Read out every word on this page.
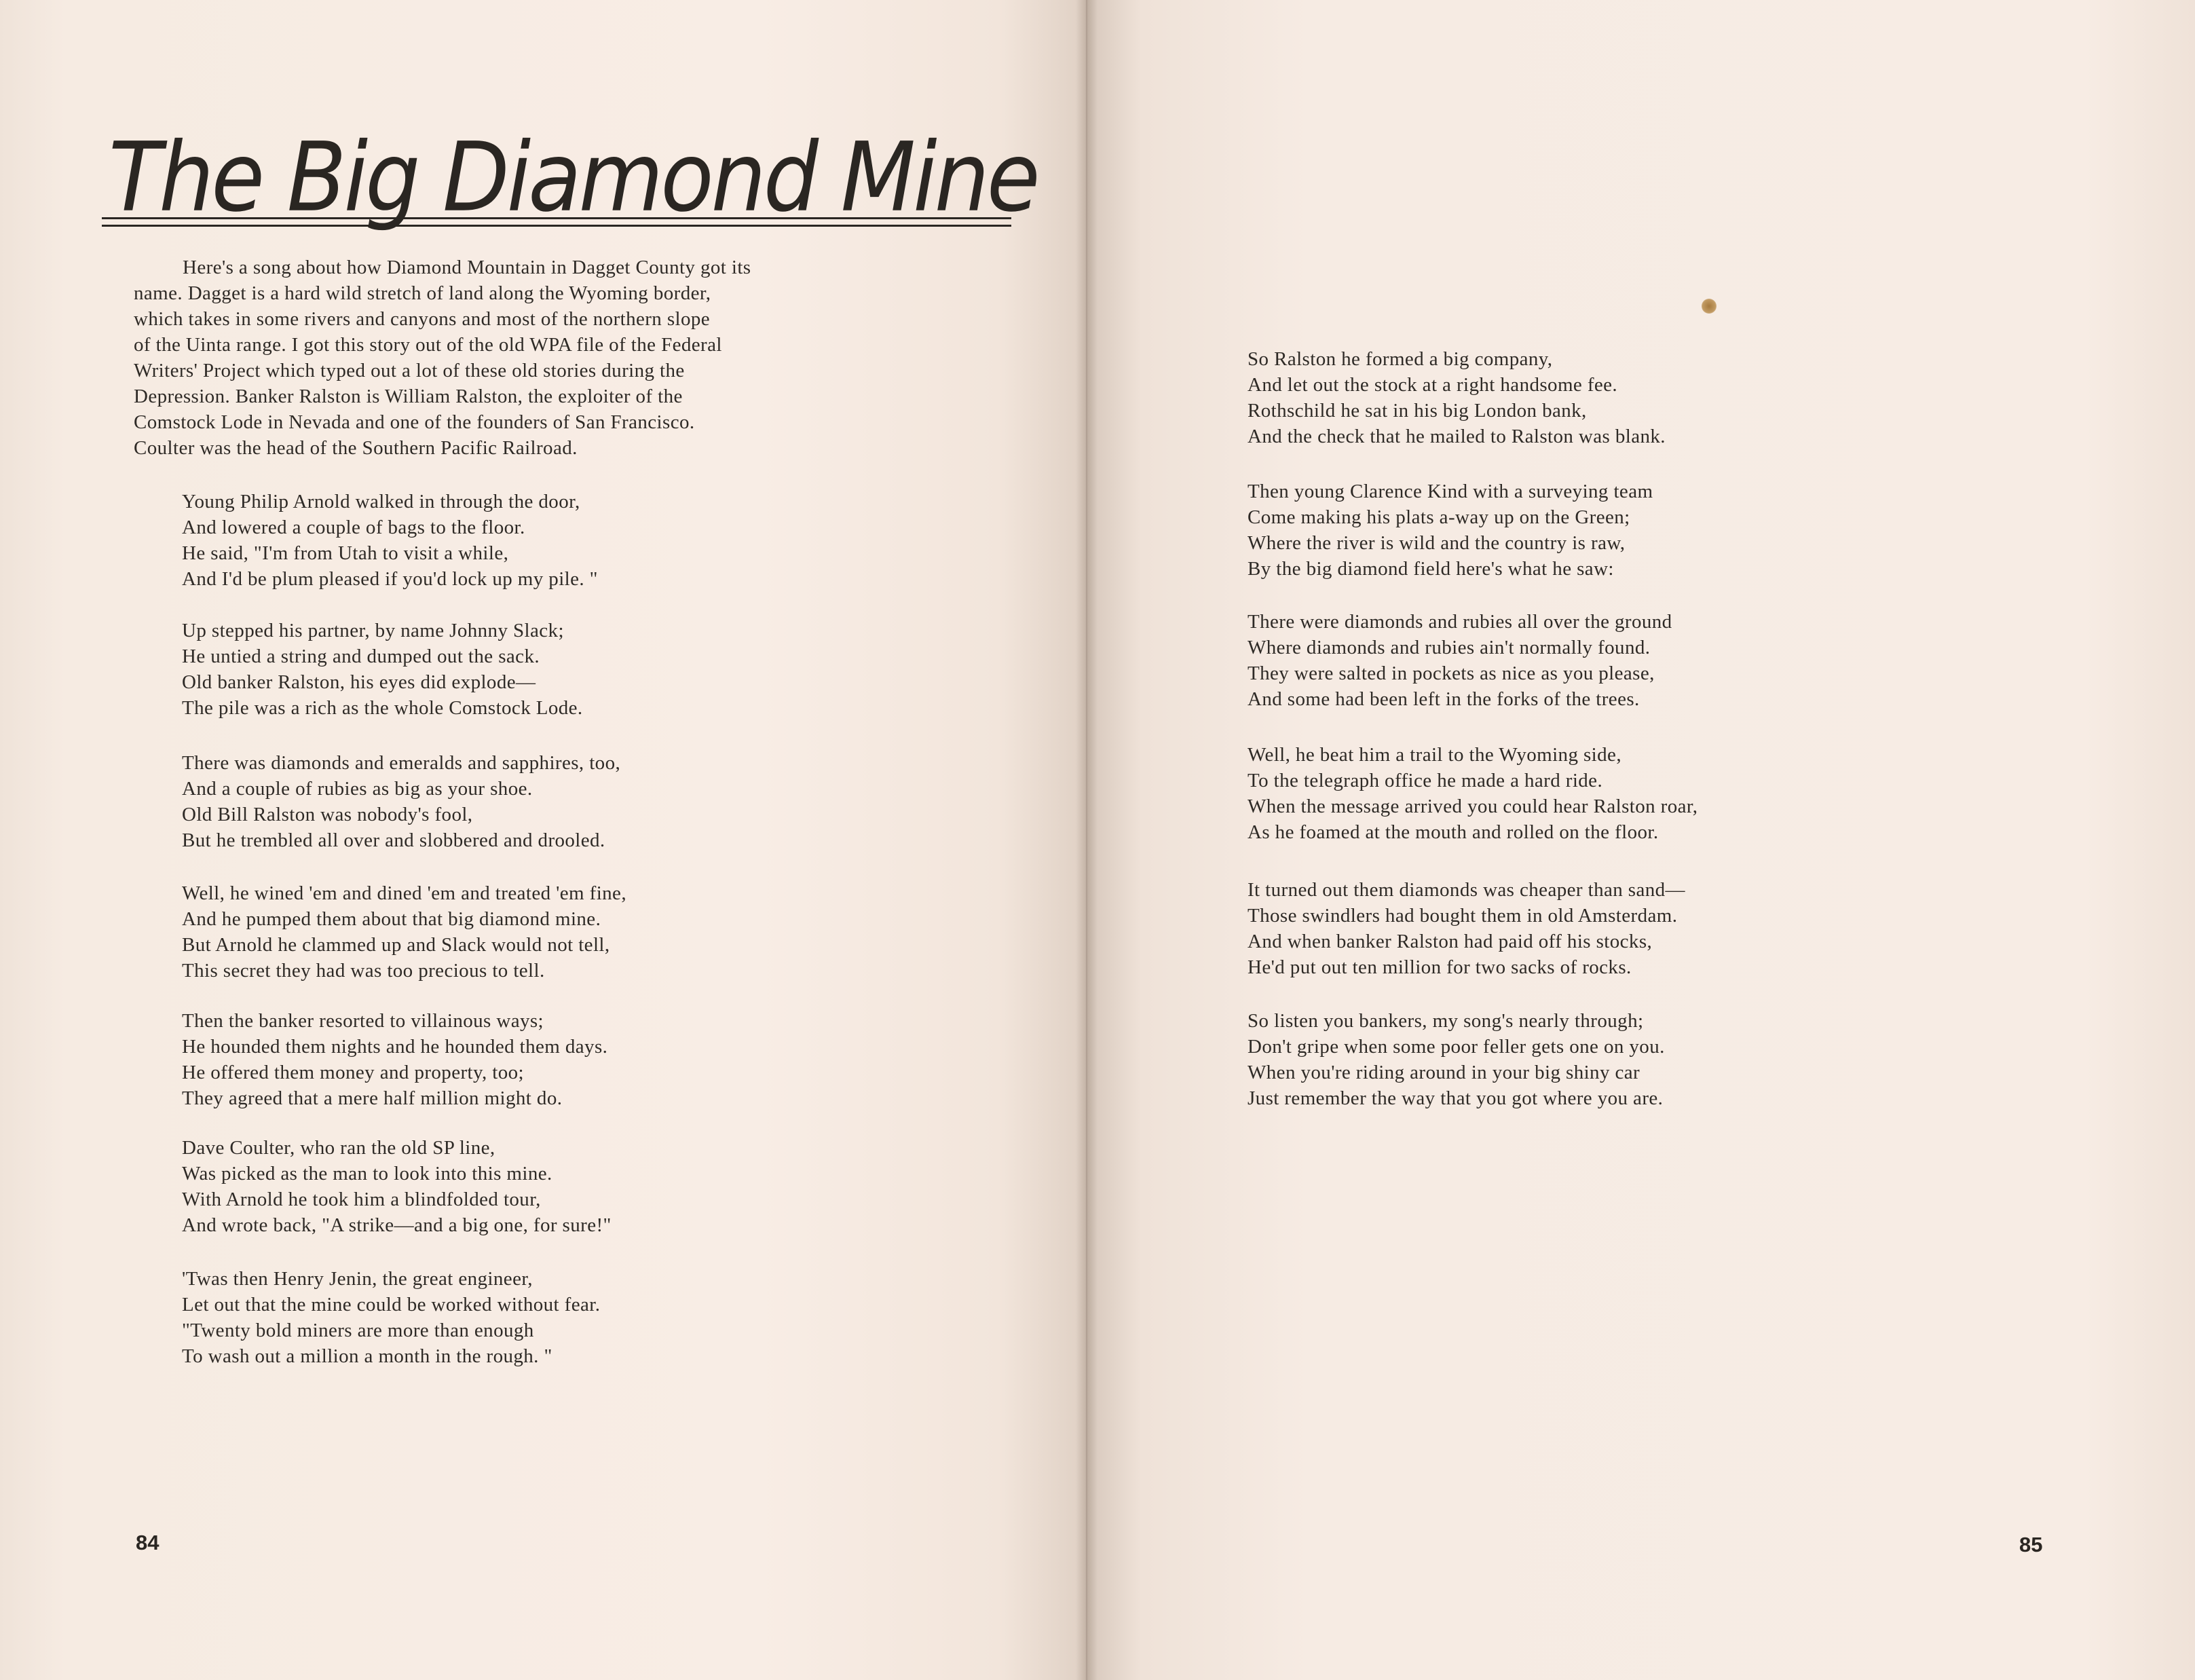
The Big Diamond Mine
Here's a song about how Diamond Mountain in Dagget County got its
name. Dagget is a hard wild stretch of land along the Wyoming border,
which takes in some rivers and canyons and most of the northern slope
of the Uinta range. I got this story out of the old WPA file of the Federal
Writers' Project which typed out a lot of these old stories during the
Depression. Banker Ralston is William Ralston, the exploiter of the
Comstock Lode in Nevada and one of the founders of San Francisco.
Coulter was the head of the Southern Pacific Railroad.
Young Philip Arnold walked in through the door,
And lowered a couple of bags to the floor.
He said, "I'm from Utah to visit a while,
And I'd be plum pleased if you'd lock up my pile. "
Up stepped his partner, by name Johnny Slack;
He untied a string and dumped out the sack.
Old banker Ralston, his eyes did explode—
The pile was a rich as the whole Comstock Lode.
There was diamonds and emeralds and sapphires, too,
And a couple of rubies as big as your shoe.
Old Bill Ralston was nobody's fool,
But he trembled all over and slobbered and drooled.
Well, he wined 'em and dined 'em and treated 'em fine,
And he pumped them about that big diamond mine.
But Arnold he clammed up and Slack would not tell,
This secret they had was too precious to tell.
Then the banker resorted to villainous ways;
He hounded them nights and he hounded them days.
He offered them money and property, too;
They agreed that a mere half million might do.
Dave Coulter, who ran the old SP line,
Was picked as the man to look into this mine.
With Arnold he took him a blindfolded tour,
And wrote back, "A strike—and a big one, for sure!"
'Twas then Henry Jenin, the great engineer,
Let out that the mine could be worked without fear.
"Twenty bold miners are more than enough
To wash out a million a month in the rough. "
84
So Ralston he formed a big company,
And let out the stock at a right handsome fee.
Rothschild he sat in his big London bank,
And the check that he mailed to Ralston was blank.
Then young Clarence Kind with a surveying team
Come making his plats a-way up on the Green;
Where the river is wild and the country is raw,
By the big diamond field here's what he saw:
There were diamonds and rubies all over the ground
Where diamonds and rubies ain't normally found.
They were salted in pockets as nice as you please,
And some had been left in the forks of the trees.
Well, he beat him a trail to the Wyoming side,
To the telegraph office he made a hard ride.
When the message arrived you could hear Ralston roar,
As he foamed at the mouth and rolled on the floor.
It turned out them diamonds was cheaper than sand—
Those swindlers had bought them in old Amsterdam.
And when banker Ralston had paid off his stocks,
He'd put out ten million for two sacks of rocks.
So listen you bankers, my song's nearly through;
Don't gripe when some poor feller gets one on you.
When you're riding around in your big shiny car
Just remember the way that you got where you are.
85
